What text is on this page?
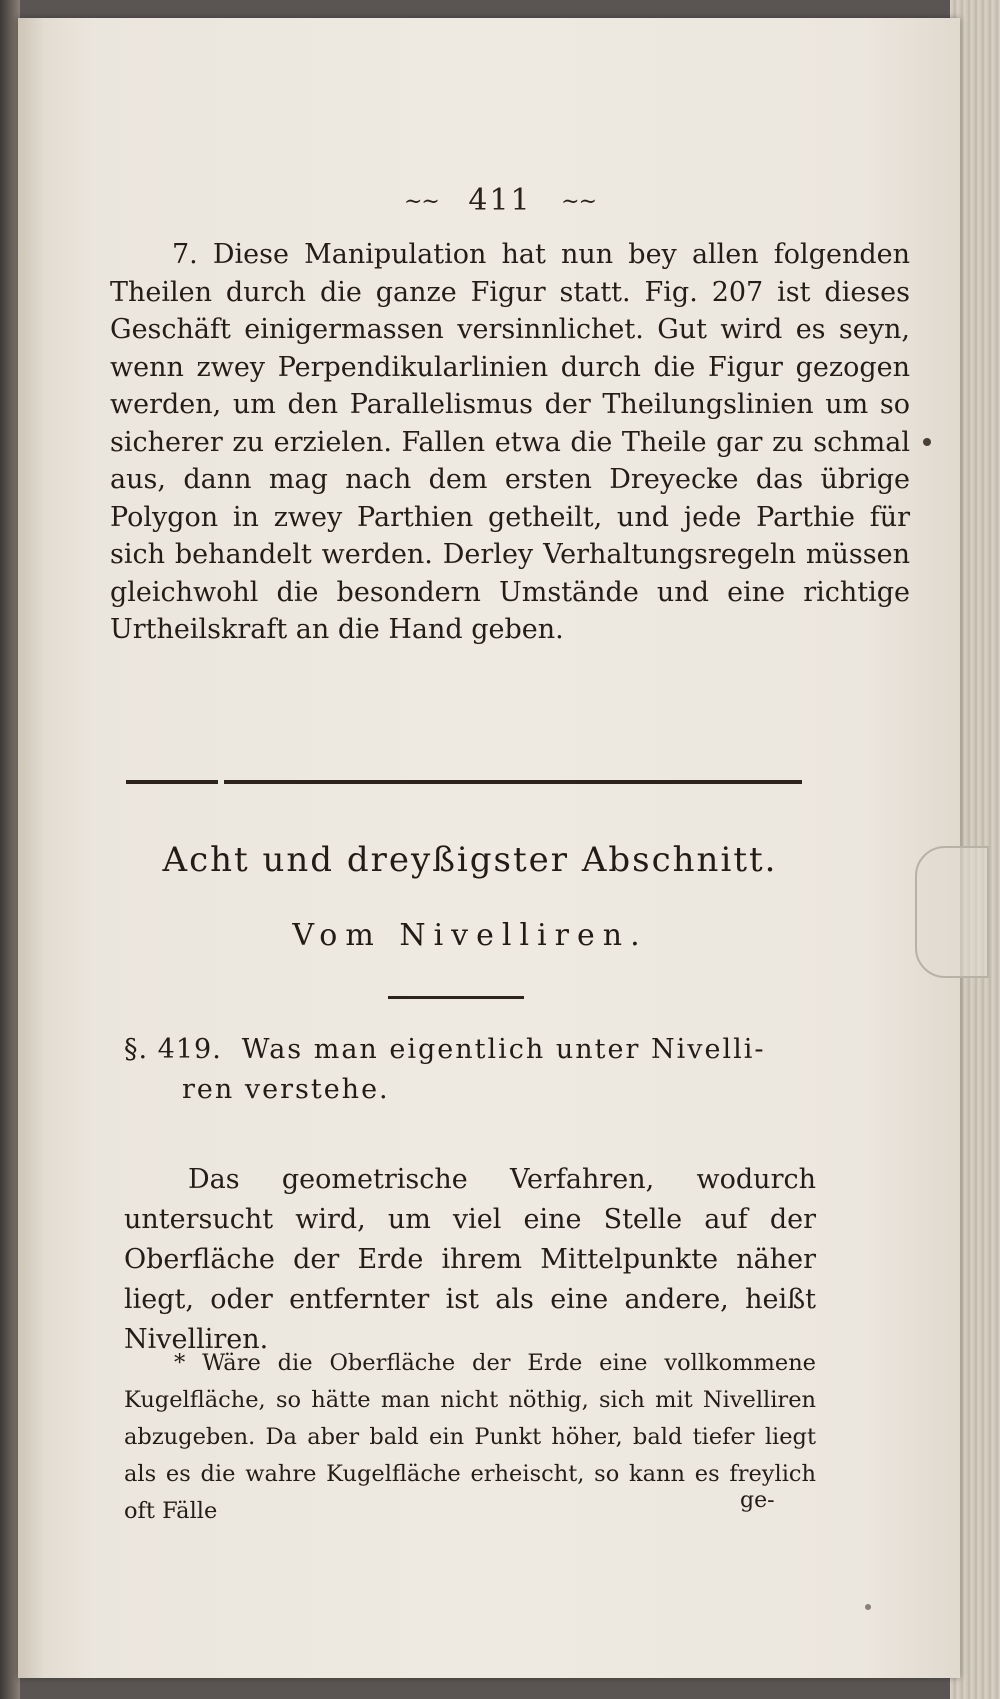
~~ 411 ~~

7. Diese Manipulation hat nun bey allen folgenden Theilen durch die ganze Figur statt. Fig. 207 ist dieses Geschäft einigermassen versinnlichet. Gut wird es seyn, wenn zwey Perpendikularlinien durch die Figur gezogen werden, um den Parallelismus der Theilungslinien um so sicherer zu erzielen. Fallen etwa die Theile gar zu schmal aus, dann mag nach dem ersten Dreyecke das übrige Polygon in zwey Parthien getheilt, und jede Parthie für sich behandelt werden. Derley Verhaltungsregeln müssen gleichwohl die besondern Umstände und eine richtige Urtheilskraft an die Hand geben.

Acht und dreyßigster Abschnitt.
Vom Nivelliren.
§. 419. Was man eigentlich unter Nivelli-
ren verstehe.

Das geometrische Verfahren, wodurch untersucht wird, um viel eine Stelle auf der Oberfläche der Erde ihrem Mittelpunkte näher liegt, oder entfernter ist als eine andere, heißt Nivelliren.

* Wäre die Oberfläche der Erde eine vollkommene Kugelfläche, so hätte man nicht nöthig, sich mit Nivelliren abzugeben. Da aber bald ein Punkt höher, bald tiefer liegt als es die wahre Kugelfläche erheischt, so kann es freylich oft Fälle	ge-
